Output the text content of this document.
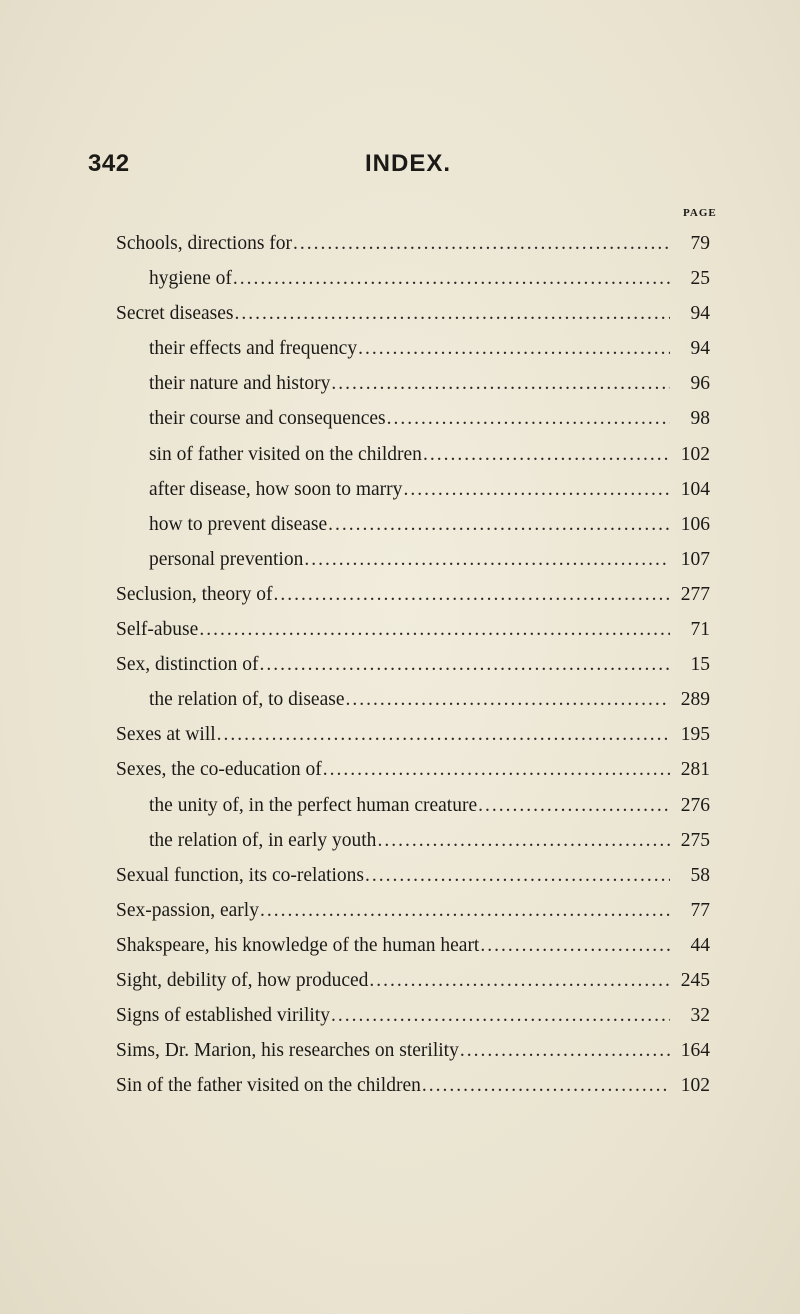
342	INDEX.
PAGE
Schools, directions for .....	79
hygiene of .....	25
Secret diseases .....	94
their effects and frequency .....	94
their nature and history .....	96
their course and consequences .....	98
sin of father visited on the children .....	102
after disease, how soon to marry .....	104
how to prevent disease .....	106
personal prevention .....	107
Seclusion, theory of .....	277
Self-abuse .....	71
Sex, distinction of .....	15
the relation of, to disease .....	289
Sexes at will .....	195
Sexes, the co-education of .....	281
the unity of, in the perfect human creature .....	276
the relation of, in early youth .....	275
Sexual function, its co-relations .....	58
Sex-passion, early .....	77
Shakspeare, his knowledge of the human heart .....	44
Sight, debility of, how produced .....	245
Signs of established virility .....	32
Sims, Dr. Marion, his researches on sterility .....	164
Sin of the father visited on the children .....	102
